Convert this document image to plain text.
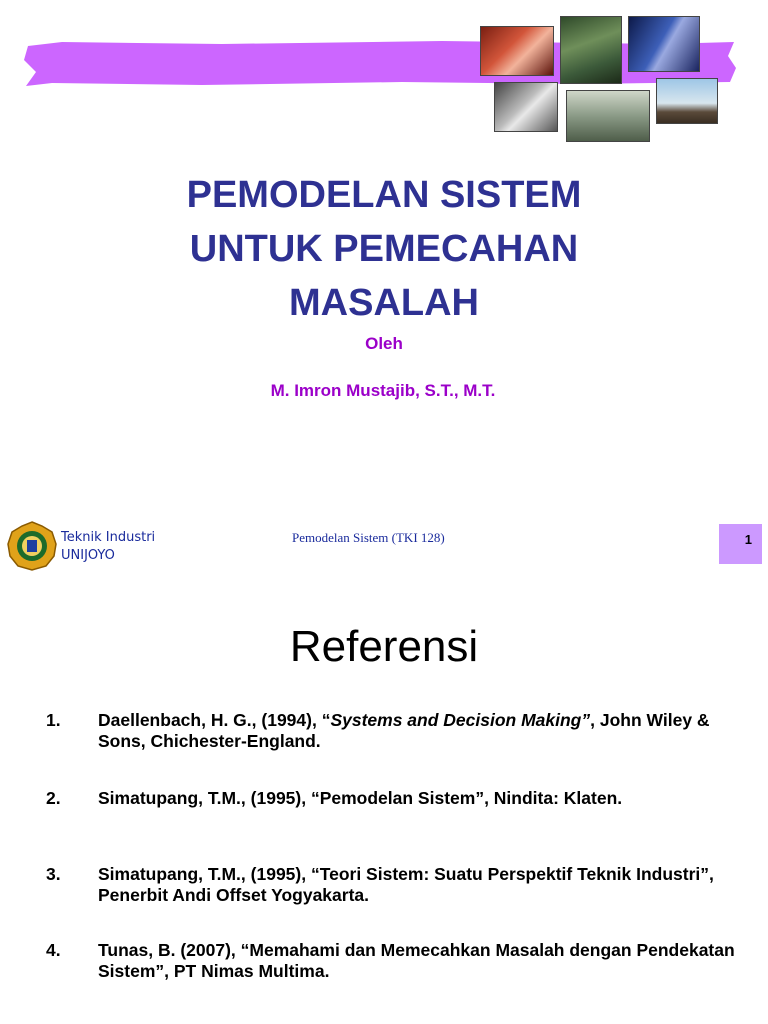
PEMODELAN SISTEM
UNTUK PEMECAHAN
MASALAH
Oleh
M. Imron Mustajib, S.T., M.T.
Teknik Industri
UNIJOYO
Pemodelan Sistem (TKI 128)	1
Referensi
1. Daellenbach, H. G., (1994), “Systems and Decision Making”, John Wiley & Sons, Chichester-England.
2. Simatupang, T.M., (1995), “Pemodelan Sistem”, Nindita: Klaten.
3. Simatupang, T.M., (1995), “Teori Sistem: Suatu Perspektif Teknik Industri”, Penerbit Andi Offset Yogyakarta.
4. Tunas, B. (2007), “Memahami dan Memecahkan Masalah dengan Pendekatan Sistem”, PT Nimas Multima.
